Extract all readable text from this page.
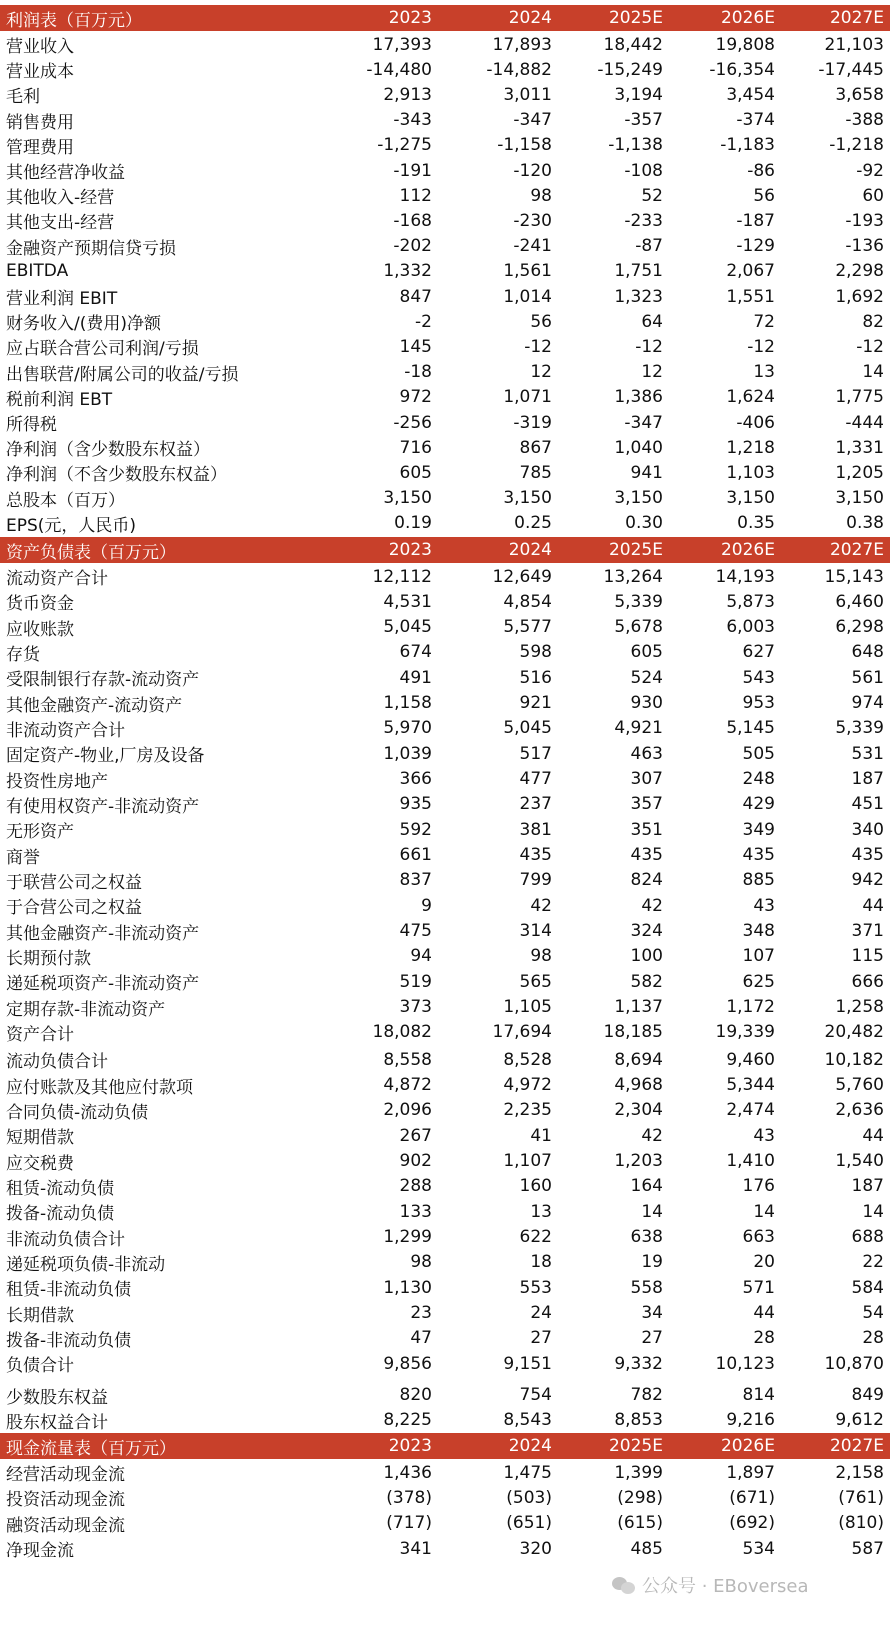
利润表（百万元）	2023	2024	2025E	2026E	2027E
营业收入	17,393	17,893	18,442	19,808	21,103
营业成本	-14,480	-14,882	-15,249	-16,354	-17,445
毛利	2,913	3,011	3,194	3,454	3,658
销售费用	-343	-347	-357	-374	-388
管理费用	-1,275	-1,158	-1,138	-1,183	-1,218
其他经营净收益	-191	-120	-108	-86	-92
其他收入-经营	112	98	52	56	60
其他支出-经营	-168	-230	-233	-187	-193
金融资产预期信贷亏损	-202	-241	-87	-129	-136
EBITDA	1,332	1,561	1,751	2,067	2,298
营业利润 EBIT	847	1,014	1,323	1,551	1,692
财务收入/(费用)净额	-2	56	64	72	82
应占联合营公司利润/亏损	145	-12	-12	-12	-12
出售联营/附属公司的收益/亏损	-18	12	12	13	14
税前利润 EBT	972	1,071	1,386	1,624	1,775
所得税	-256	-319	-347	-406	-444
净利润（含少数股东权益）	716	867	1,040	1,218	1,331
净利润（不含少数股东权益）	605	785	941	1,103	1,205
总股本（百万）	3,150	3,150	3,150	3,150	3,150
EPS(元，人民币)	0.19	0.25	0.30	0.35	0.38
资产负债表（百万元）	2023	2024	2025E	2026E	2027E
流动资产合计	12,112	12,649	13,264	14,193	15,143
货币资金	4,531	4,854	5,339	5,873	6,460
应收账款	5,045	5,577	5,678	6,003	6,298
存货	674	598	605	627	648
受限制银行存款-流动资产	491	516	524	543	561
其他金融资产-流动资产	1,158	921	930	953	974
非流动资产合计	5,970	5,045	4,921	5,145	5,339
固定资产-物业,厂房及设备	1,039	517	463	505	531
投资性房地产	366	477	307	248	187
有使用权资产-非流动资产	935	237	357	429	451
无形资产	592	381	351	349	340
商誉	661	435	435	435	435
于联营公司之权益	837	799	824	885	942
于合营公司之权益	9	42	42	43	44
其他金融资产-非流动资产	475	314	324	348	371
长期预付款	94	98	100	107	115
递延税项资产-非流动资产	519	565	582	625	666
定期存款-非流动资产	373	1,105	1,137	1,172	1,258
资产合计	18,082	17,694	18,185	19,339	20,482
流动负债合计	8,558	8,528	8,694	9,460	10,182
应付账款及其他应付款项	4,872	4,972	4,968	5,344	5,760
合同负债-流动负债	2,096	2,235	2,304	2,474	2,636
短期借款	267	41	42	43	44
应交税费	902	1,107	1,203	1,410	1,540
租赁-流动负债	288	160	164	176	187
拨备-流动负债	133	13	14	14	14
非流动负债合计	1,299	622	638	663	688
递延税项负债-非流动	98	18	19	20	22
租赁-非流动负债	1,130	553	558	571	584
长期借款	23	24	34	44	54
拨备-非流动负债	47	27	27	28	28
负债合计	9,856	9,151	9,332	10,123	10,870
少数股东权益	820	754	782	814	849
股东权益合计	8,225	8,543	8,853	9,216	9,612
现金流量表（百万元）	2023	2024	2025E	2026E	2027E
经营活动现金流	1,436	1,475	1,399	1,897	2,158
投资活动现金流	(378)	(503)	(298)	(671)	(761)
融资活动现金流	(717)	(651)	(615)	(692)	(810)
净现金流	341	320	485	534	587
公众号 · EBoversea
